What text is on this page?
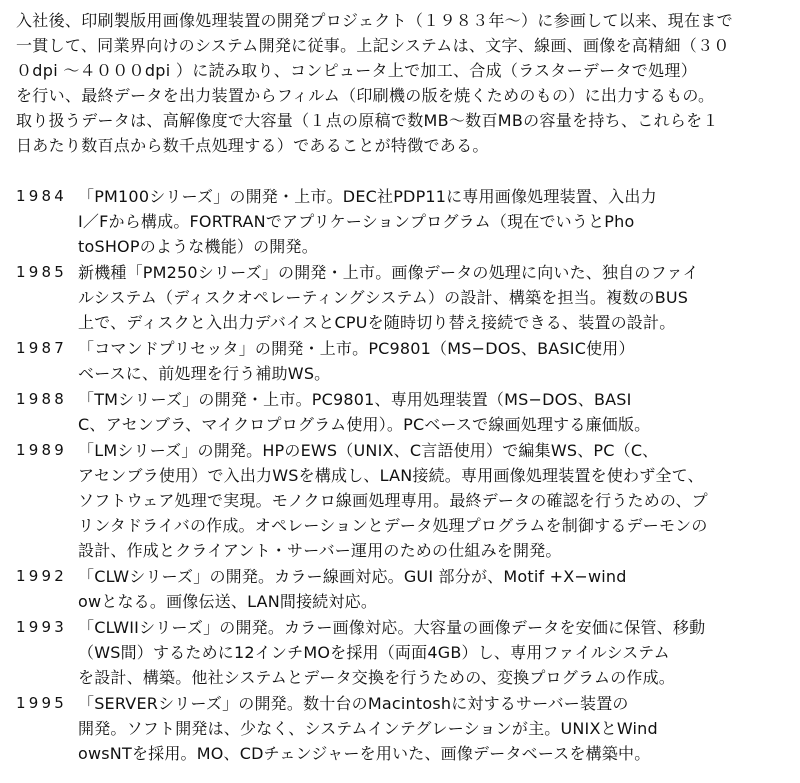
入社後、印刷製版用画像処理装置の開発プロジェクト（１９８３年〜）に参画して以来、現在まで
一貫して、同業界向けのシステム開発に従事。上記システムは、文字、線画、画像を高精細（３０
０dpi 〜４０００dpi ）に読み取り、コンピュータ上で加工、合成（ラスターデータで処理）
を行い、最終データを出力装置からフィルム（印刷機の版を焼くためのもの）に出力するもの。
取り扱うデータは、高解像度で大容量（１点の原稿で数MB〜数百MBの容量を持ち、これらを１
日あたり数百点から数千点処理する）であることが特徴である。
1984 「PM100シリーズ」の開発・上市。DEC社PDP11に専用画像処理装置、入出力
I／Fから構成。FORTRANでアプリケーションプログラム（現在でいうとPho
toSHOPのような機能）の開発。
1985 新機種「PM250シリーズ」の開発・上市。画像データの処理に向いた、独自のファイ
ルシステム（ディスクオペレーティングシステム）の設計、構築を担当。複数のBUS
上で、ディスクと入出力デバイスとCPUを随時切り替え接続できる、装置の設計。
1987 「コマンドプリセッタ」の開発・上市。PC9801（MS−DOS、BASIC使用）
ベースに、前処理を行う補助WS。
1988 「TMシリーズ」の開発・上市。PC9801、専用処理装置（MS−DOS、BASI
C、アセンブラ、マイクロプログラム使用）。PCベースで線画処理する廉価版。
1989 「LMシリーズ」の開発。HPのEWS（UNIX、C言語使用）で編集WS、PC（C、
アセンブラ使用）で入出力WSを構成し、LAN接続。専用画像処理装置を使わず全て、
ソフトウェア処理で実現。モノクロ線画処理専用。最終データの確認を行うための、プ
リンタドライバの作成。オペレーションとデータ処理プログラムを制御するデーモンの
設計、作成とクライアント・サーバー運用のための仕組みを開発。
1992 「CLWシリーズ」の開発。カラー線画対応。GUI 部分が、Motif +X−wind
owとなる。画像伝送、LAN間接続対応。
1993 「CLWIIシリーズ」の開発。カラー画像対応。大容量の画像データを安価に保管、移動
（WS間）するために12インチMOを採用（両面4GB）し、専用ファイルシステム
を設計、構築。他社システムとデータ交換を行うための、変換プログラムの作成。
1995 「SERVERシリーズ」の開発。数十台のMacintoshに対するサーバー装置の
開発。ソフト開発は、少なく、システムインテグレーションが主。UNIXとWind
owsNTを採用。MO、CDチェンジャーを用いた、画像データベースを構築中。
